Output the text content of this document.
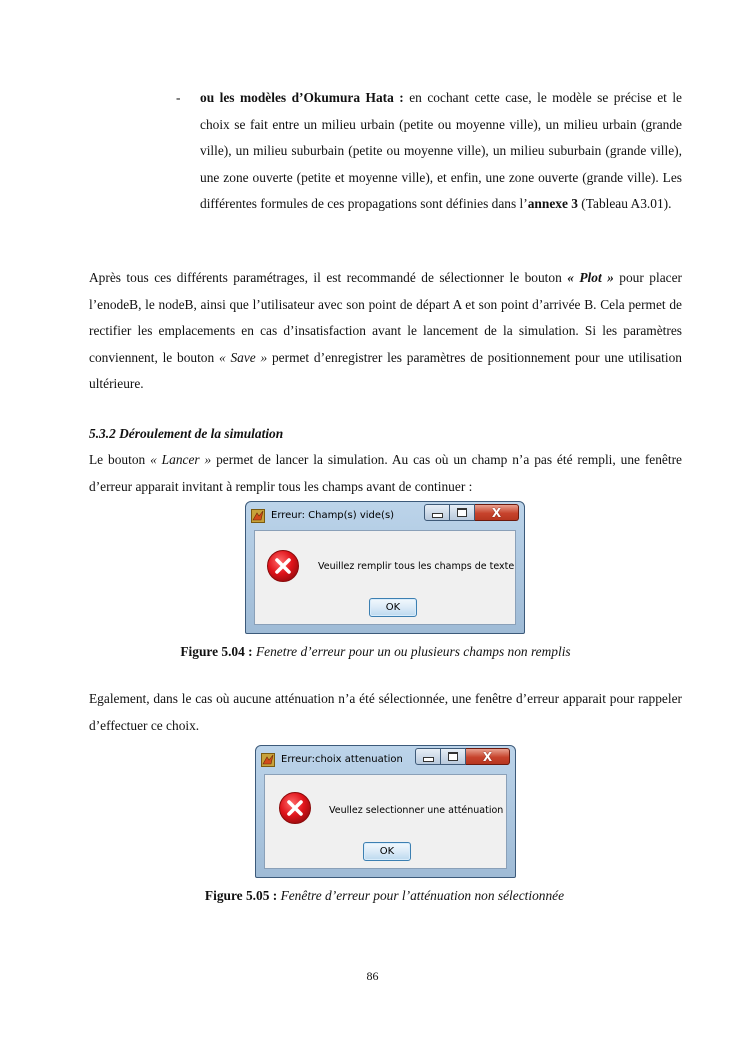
- ou les modèles d’Okumura Hata : en cochant cette case, le modèle se précise et le choix se fait entre un milieu urbain (petite ou moyenne ville), un milieu urbain (grande ville), un milieu suburbain (petite ou moyenne ville), un milieu suburbain (grande ville), une zone ouverte (petite et moyenne ville), et enfin, une zone ouverte (grande ville). Les différentes formules de ces propagations sont définies dans l’annexe 3 (Tableau A3.01).

Après tous ces différents paramétrages, il est recommandé de sélectionner le bouton « Plot » pour placer l’enodeB, le nodeB, ainsi que l’utilisateur avec son point de départ A et son point d’arrivée B. Cela permet de rectifier les emplacements en cas d’insatisfaction avant le lancement de la simulation. Si les paramètres conviennent, le bouton « Save » permet d’enregistrer les paramètres de positionnement pour une utilisation ultérieure.

5.3.2 Déroulement de la simulation

Le bouton « Lancer » permet de lancer la simulation. Au cas où un champ n’a pas été rempli, une fenêtre d’erreur apparait invitant à remplir tous les champs avant de continuer :

Erreur: Champ(s) vide(s)	X
Veuillez remplir tous les champs de texte
OK

Figure 5.04 : Fenetre d’erreur pour un ou plusieurs champs non remplis

Egalement, dans le cas où aucune atténuation n’a été sélectionnée, une fenêtre d’erreur apparait pour rappeler d’effectuer ce choix.

Erreur:choix attenuation	X
Veullez selectionner une atténuation
OK

Figure 5.05 : Fenêtre d’erreur pour l’atténuation non sélectionnée

86
